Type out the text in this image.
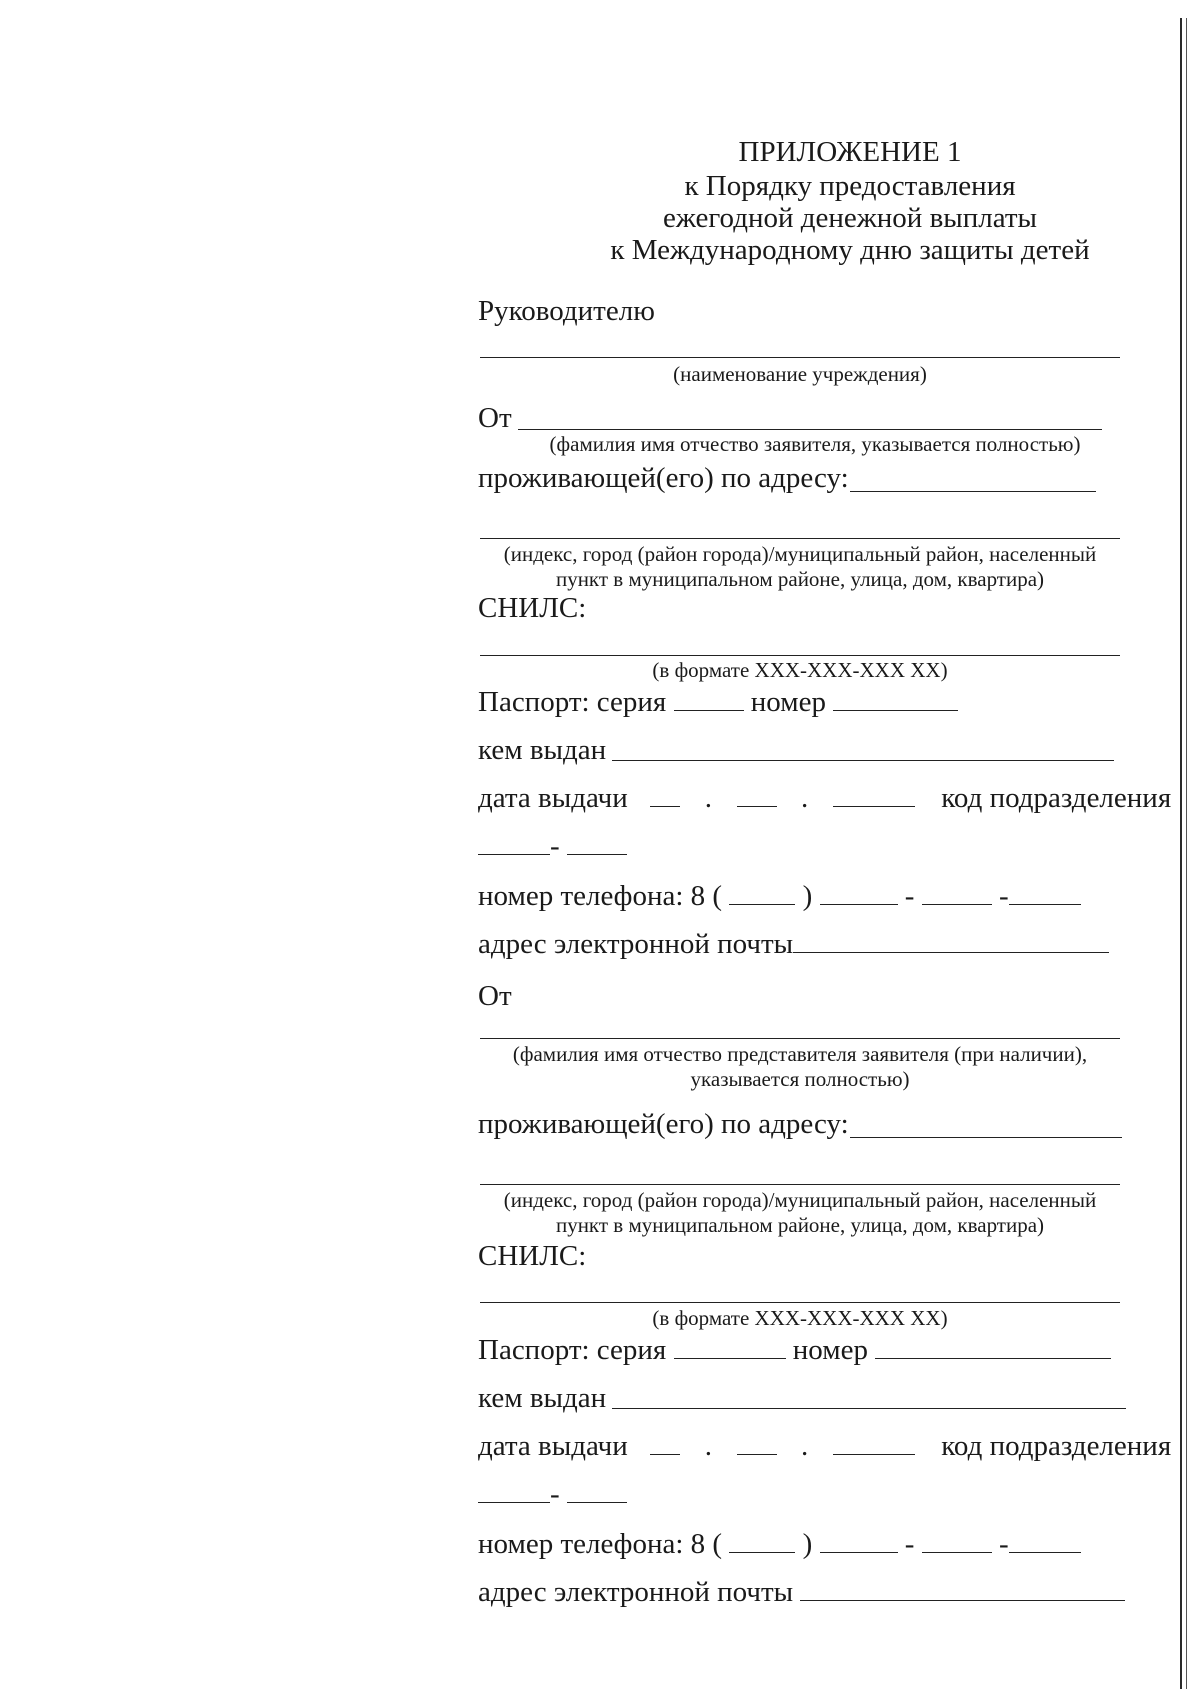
ПРИЛОЖЕНИЕ 1
к Порядку предоставления
ежегодной денежной выплаты
к Международному дню защиты детей
Руководителю
(наименование учреждения)
От
(фамилия имя отчество заявителя, указывается полностью)
проживающей(его) по адресу:
(индекс, город (район города)/муниципальный район, населенный
пункт в муниципальном районе, улица, дом, квартира)
СНИЛС:
(в формате ХХХ-ХХХ-ХХХ ХХ)
Паспорт: серия	номер
кем выдан
дата выдачи	.	.	код подразделения
-
номер телефона: 8 (	)	-	-
адрес электронной почты
От
(фамилия имя отчество представителя заявителя (при наличии),
указывается полностью)
проживающей(его) по адресу:
(индекс, город (район города)/муниципальный район, населенный
пункт в муниципальном районе, улица, дом, квартира)
СНИЛС:
(в формате ХХХ-ХХХ-ХХХ ХХ)
Паспорт: серия	номер
кем выдан
дата выдачи	.	.	код подразделения
-
номер телефона: 8 (	)	-	-
адрес электронной почты
